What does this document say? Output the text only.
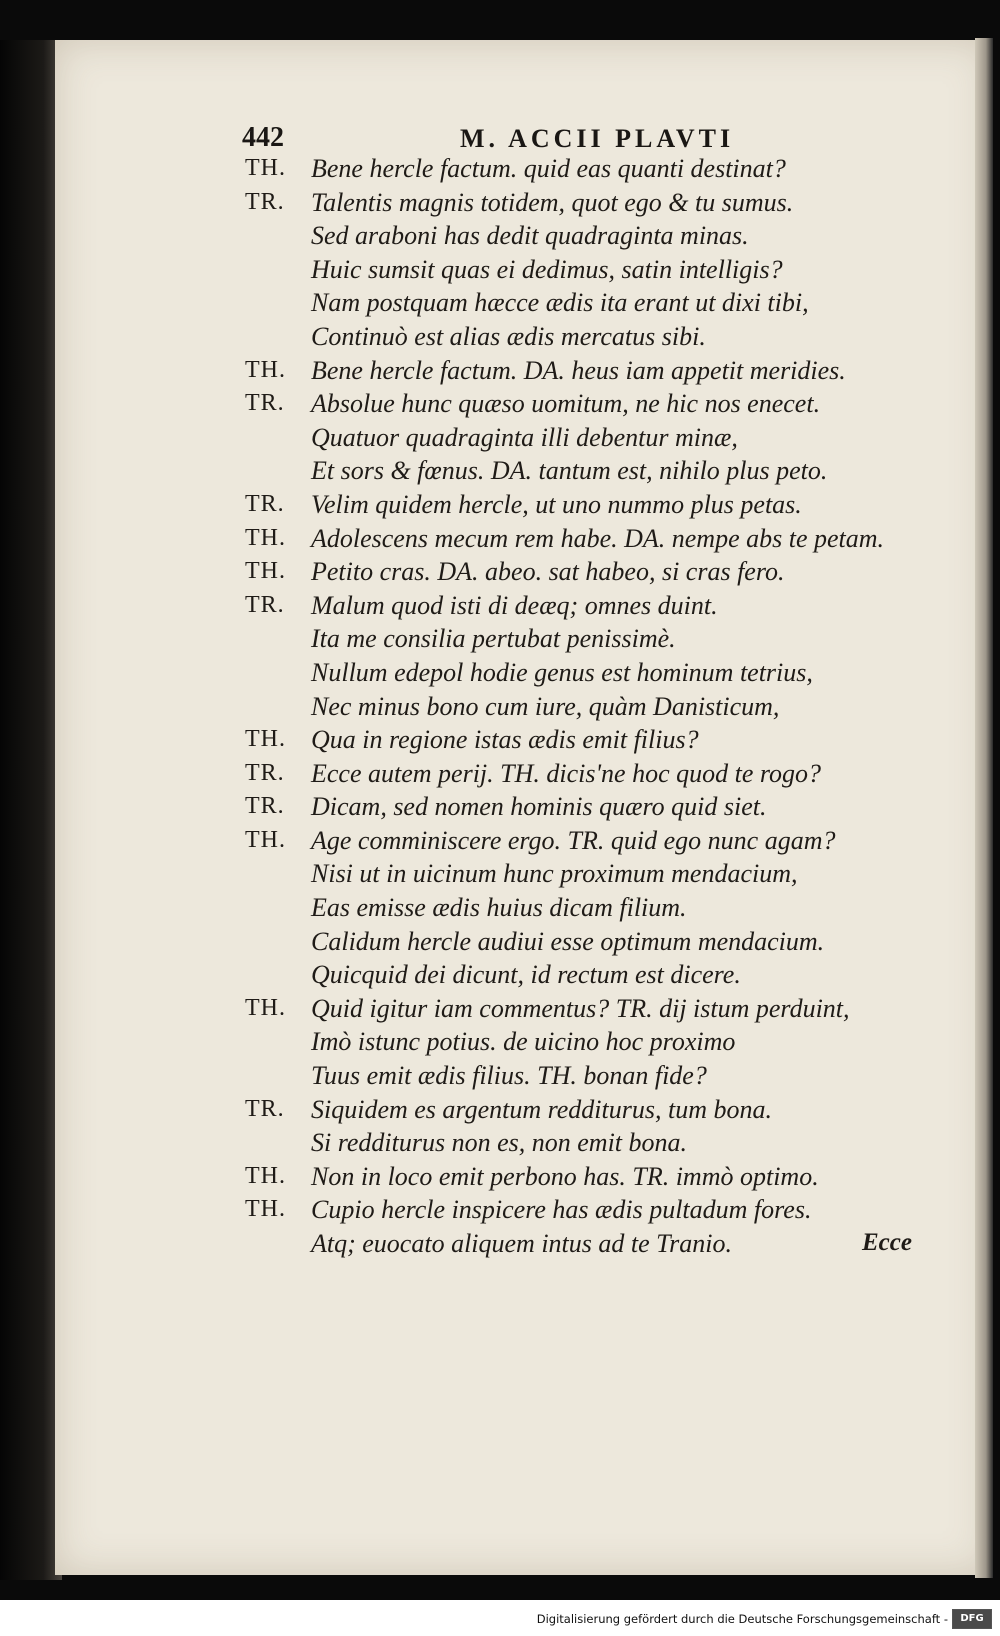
442	M. ACCII PLAVTI
TH. Bene hercle factum. quid eas quanti destinat?
TR.	Talentis magnis totidem, quot ego & tu sumus.
Sed araboni has dedit quadraginta minas.
Huic sumsit quas ei dedimus, satin intelligis?
Nam postquam hæcce ædis ita erant ut dixi tibi,
Continuò est alias ædis mercatus sibi.
TH. Bene hercle factum. DA. heus iam appetit meridies.
TR.	Absolue hunc quæso uomitum, ne hic nos enecet.
Quatuor quadraginta illi debentur minæ,
Et sors & fœnus. DA. tantum est, nihilo plus peto.
TR.	Velim quidem hercle, ut uno nummo plus petas.
TH. Adolescens mecum rem habe. DA. nempe abs te petam.
TH. Petito cras. DA. abeo. sat habeo, si cras fero.
TR.	Malum quod isti di deæq; omnes duint.
Ita me consilia pertubat penissimè.
Nullum edepol hodie genus est hominum tetrius,
Nec minus bono cum iure, quàm Danisticum,
TH. Qua in regione istas ædis emit filius?
TR.	Ecce autem perij. TH. dicis'ne hoc quod te rogo?
TR.	Dicam, sed nomen hominis quæro quid siet.
TH. Age comminiscere ergo. TR. quid ego nunc agam?
Nisi ut in uicinum hunc proximum mendacium,
Eas emisse ædis huius dicam filium.
Calidum hercle audiui esse optimum mendacium.
Quicquid dei dicunt, id rectum est dicere.
TH. Quid igitur iam commentus? TR. dij istum perduint,
Imò istunc potius. de uicino hoc proximo
Tuus emit ædis filius. TH. bonan fide?
TR.	Siquidem es argentum redditurus, tum bona.
Si redditurus non es, non emit bona.
TH. Non in loco emit perbono has. TR. immò optimo.
TH. Cupio hercle inspicere has ædis pultadum fores.
Atq; euocato aliquem intus ad te Tranio.	Ecce
Digitalisierung gefördert durch die Deutsche Forschungsgemeinschaft -	DFG
